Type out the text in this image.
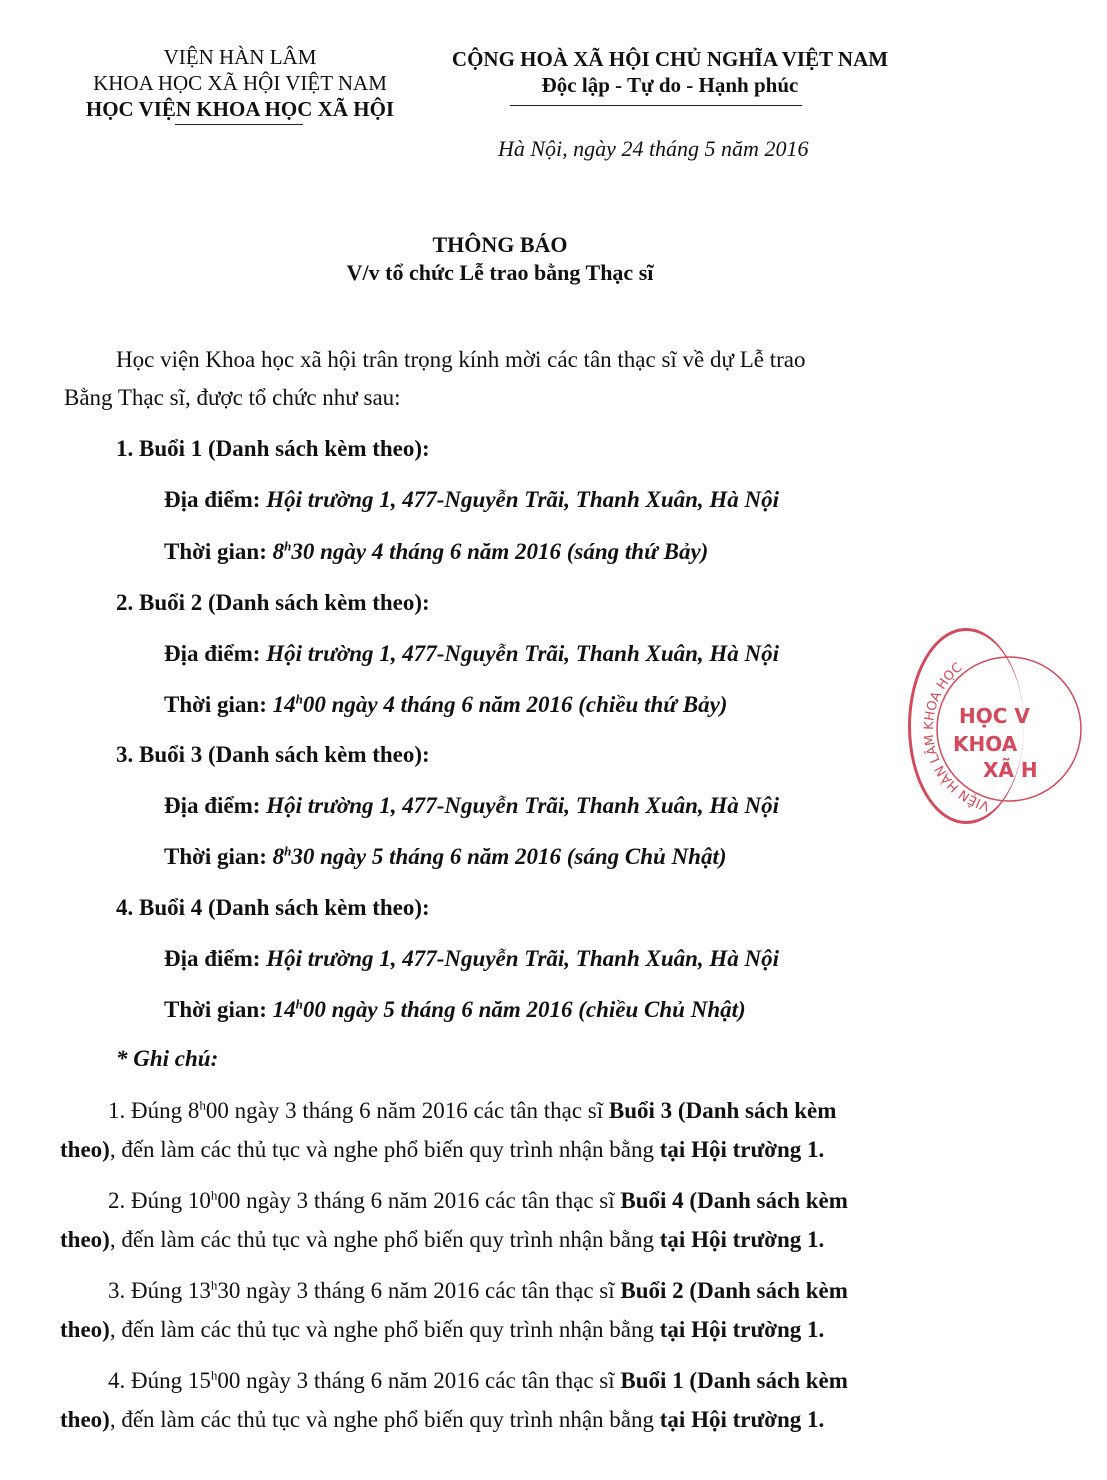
VIỆN HÀN LÂM
KHOA HỌC XÃ HỘI VIỆT NAM
HỌC VIỆN KHOA HỌC XÃ HỘI
CỘNG HOÀ XÃ HỘI CHỦ NGHĨA VIỆT NAM
Độc lập - Tự do - Hạnh phúc
Hà Nội, ngày 24 tháng 5 năm 2016
THÔNG BÁO
V/v tổ chức Lễ trao bằng Thạc sĩ
Học viện Khoa học xã hội trân trọng kính mời các tân thạc sĩ về dự Lễ trao
Bằng Thạc sĩ, được tổ chức như sau:
1. Buổi 1 (Danh sách kèm theo):
Địa điểm: Hội trường 1, 477-Nguyễn Trãi, Thanh Xuân, Hà Nội
Thời gian: 8$^h$30 ngày 4 tháng 6 năm 2016 (sáng thứ Bảy)
2. Buổi 2 (Danh sách kèm theo):
Địa điểm: Hội trường 1, 477-Nguyễn Trãi, Thanh Xuân, Hà Nội
Thời gian: 14$^h$00 ngày 4 tháng 6 năm 2016 (chiều thứ Bảy)
3. Buổi 3 (Danh sách kèm theo):
Địa điểm: Hội trường 1, 477-Nguyễn Trãi, Thanh Xuân, Hà Nội
Thời gian: 8$^h$30 ngày 5 tháng 6 năm 2016 (sáng Chủ Nhật)
4. Buổi 4 (Danh sách kèm theo):
Địa điểm: Hội trường 1, 477-Nguyễn Trãi, Thanh Xuân, Hà Nội
Thời gian: 14$^h$00 ngày 5 tháng 6 năm 2016 (chiều Chủ Nhật)
* Ghi chú:
1. Đúng 8$^h$00 ngày 3 tháng 6 năm 2016 các tân thạc sĩ Buổi 3 (Danh sách kèm
theo), đến làm các thủ tục và nghe phổ biến quy trình nhận bằng tại Hội trường 1.
2. Đúng 10$^h$00 ngày 3 tháng 6 năm 2016 các tân thạc sĩ Buổi 4 (Danh sách kèm
theo), đến làm các thủ tục và nghe phổ biến quy trình nhận bằng tại Hội trường 1.
3. Đúng 13$^h$30 ngày 3 tháng 6 năm 2016 các tân thạc sĩ Buổi 2 (Danh sách kèm
theo), đến làm các thủ tục và nghe phổ biến quy trình nhận bằng tại Hội trường 1.
4. Đúng 15$^h$00 ngày 3 tháng 6 năm 2016 các tân thạc sĩ Buổi 1 (Danh sách kèm
theo), đến làm các thủ tục và nghe phổ biến quy trình nhận bằng tại Hội trường 1.
VIỆN HÀN LÂM KHOA HỌC
HỌC V
KHOA
XÃ H
